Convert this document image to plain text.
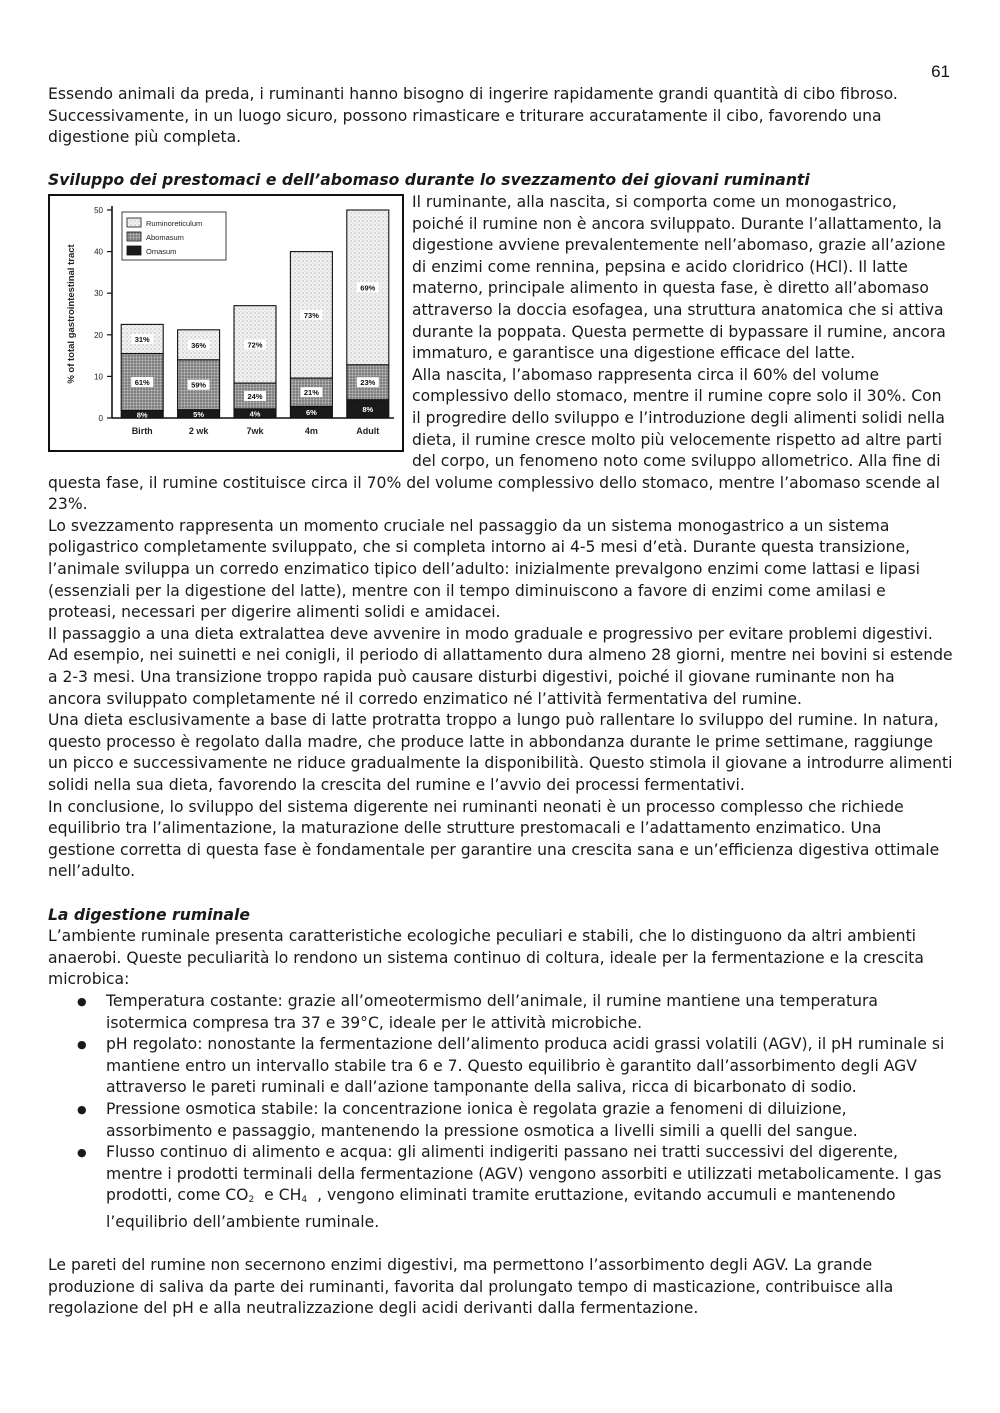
61

Essendo animali da preda, i ruminanti hanno bisogno di ingerire rapidamente grandi quantità di cibo fibroso. Successivamente, in un luogo sicuro, possono rimasticare e triturare accuratamente il cibo, favorendo una digestione più completa.

Sviluppo dei prestomaci e dell’abomaso durante lo svezzamento dei giovani ruminanti

0
10
20
30
40
50
% of total gastrointestinal tract
8%
61%
31%
Birth
5%
59%
36%
2 wk
4%
24%
72%
7wk
6%
21%
73%
4m
8%
23%
69%
Adult
Ruminoreticulum
Abomasum
Omasum

Il ruminante, alla nascita, si comporta come un monogastrico, poiché il rumine non è ancora sviluppato. Durante l’allattamento, la digestione avviene prevalentemente nell’abomaso, grazie all’azione di enzimi come rennina, pepsina e acido cloridrico (HCl). Il latte materno, principale alimento in questa fase, è diretto all’abomaso attraverso la doccia esofagea, una struttura anatomica che si attiva durante la poppata. Questa permette di bypassare il rumine, ancora immaturo, e garantisce una digestione efficace del latte.

Alla nascita, l’abomaso rappresenta circa il 60% del volume complessivo dello stomaco, mentre il rumine copre solo il 30%. Con il progredire dello sviluppo e l’introduzione degli alimenti solidi nella dieta, il rumine cresce molto più velocemente rispetto ad altre parti del corpo, un fenomeno noto come sviluppo allometrico. Alla fine di questa fase, il rumine costituisce circa il 70% del volume complessivo dello stomaco, mentre l’abomaso scende al 23%.

Lo svezzamento rappresenta un momento cruciale nel passaggio da un sistema monogastrico a un sistema poligastrico completamente sviluppato, che si completa intorno ai 4-5 mesi d’età. Durante questa transizione, l’animale sviluppa un corredo enzimatico tipico dell’adulto: inizialmente prevalgono enzimi come lattasi e lipasi (essenziali per la digestione del latte), mentre con il tempo diminuiscono a favore di enzimi come amilasi e proteasi, necessari per digerire alimenti solidi e amidacei.

Il passaggio a una dieta extralattea deve avvenire in modo graduale e progressivo per evitare problemi digestivi. Ad esempio, nei suinetti e nei conigli, il periodo di allattamento dura almeno 28 giorni, mentre nei bovini si estende a 2-3 mesi. Una transizione troppo rapida può causare disturbi digestivi, poiché il giovane ruminante non ha ancora sviluppato completamente né il corredo enzimatico né l’attività fermentativa del rumine.

Una dieta esclusivamente a base di latte protratta troppo a lungo può rallentare lo sviluppo del rumine. In natura, questo processo è regolato dalla madre, che produce latte in abbondanza durante le prime settimane, raggiunge un picco e successivamente ne riduce gradualmente la disponibilità. Questo stimola il giovane a introdurre alimenti solidi nella sua dieta, favorendo la crescita del rumine e l’avvio dei processi fermentativi.

In conclusione, lo sviluppo del sistema digerente nei ruminanti neonati è un processo complesso che richiede equilibrio tra l’alimentazione, la maturazione delle strutture prestomacali e l’adattamento enzimatico. Una gestione corretta di questa fase è fondamentale per garantire una crescita sana e un’efficienza digestiva ottimale nell’adulto.

La digestione ruminale

L’ambiente ruminale presenta caratteristiche ecologiche peculiari e stabili, che lo distinguono da altri ambienti anaerobi. Queste peculiarità lo rendono un sistema continuo di coltura, ideale per la fermentazione e la crescita microbica:

● Temperatura costante: grazie all’omeotermismo dell’animale, il rumine mantiene una temperatura isotermica compresa tra 37 e 39°C, ideale per le attività microbiche.
● pH regolato: nonostante la fermentazione dell’alimento produca acidi grassi volatili (AGV), il pH ruminale si mantiene entro un intervallo stabile tra 6 e 7. Questo equilibrio è garantito dall’assorbimento degli AGV attraverso le pareti ruminali e dall’azione tamponante della saliva, ricca di bicarbonato di sodio.
● Pressione osmotica stabile: la concentrazione ionica è regolata grazie a fenomeni di diluizione, assorbimento e passaggio, mantenendo la pressione osmotica a livelli simili a quelli del sangue.
● Flusso continuo di alimento e acqua: gli alimenti indigeriti passano nei tratti successivi del digerente, mentre i prodotti terminali della fermentazione (AGV) vengono assorbiti e utilizzati metabolicamente. I gas prodotti, come $CO_2$ e $CH_4$ , vengono eliminati tramite eruttazione, evitando accumuli e mantenendo l’equilibrio dell’ambiente ruminale.

Le pareti del rumine non secernono enzimi digestivi, ma permettono l’assorbimento degli AGV. La grande produzione di saliva da parte dei ruminanti, favorita dal prolungato tempo di masticazione, contribuisce alla regolazione del pH e alla neutralizzazione degli acidi derivanti dalla fermentazione.
